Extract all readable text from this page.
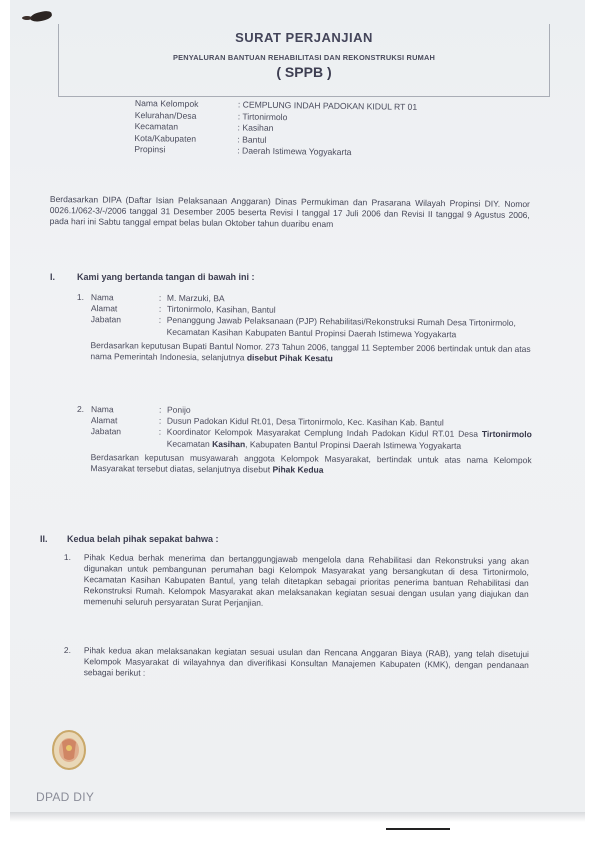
SURAT PERJANJIAN
PENYALURAN BANTUAN REHABILITASI DAN REKONSTRUKSI RUMAH
( SPPB )
Nama Kelompok	: CEMPLUNG INDAH PADOKAN KIDUL RT 01
Kelurahan/Desa	: Tirtonirmolo
Kecamatan	: Kasihan
Kota/Kabupaten	: Bantul
Propinsi	: Daerah Istimewa Yogyakarta
Berdasarkan DIPA (Daftar Isian Pelaksanaan Anggaran) Dinas Permukiman dan Prasarana Wilayah Propinsi DIY. Nomor 0026.1/062-3/-/2006 tanggal 31 Desember 2005 beserta Revisi I tanggal 17 Juli 2006 dan Revisi II tanggal 9 Agustus 2006, pada hari ini Sabtu tanggal empat belas bulan Oktober tahun duaribu enam
I. Kami yang bertanda tangan di bawah ini :
1. Nama	: M. Marzuki, BA
Alamat	: Tirtonirmolo, Kasihan, Bantul
Jabatan	: Penanggung Jawab Pelaksanaan (PJP) Rehabilitasi/Rekonstruksi Rumah Desa Tirtonirmolo, Kecamatan Kasihan Kabupaten Bantul Propinsi Daerah Istimewa Yogyakarta
Berdasarkan keputusan Bupati Bantul Nomor. 273 Tahun 2006, tanggal 11 September 2006 bertindak untuk dan atas nama Pemerintah Indonesia, selanjutnya disebut Pihak Kesatu
2. Nama	: Ponijo
Alamat	: Dusun Padokan Kidul Rt.01, Desa Tirtonirmolo, Kec. Kasihan Kab. Bantul
Jabatan	: Koordinator Kelompok Masyarakat Cemplung Indah Padokan Kidul RT.01 Desa Tirtonirmolo Kecamatan Kasihan, Kabupaten Bantul Propinsi Daerah Istimewa Yogyakarta
Berdasarkan keputusan musyawarah anggota Kelompok Masyarakat, bertindak untuk atas nama Kelompok Masyarakat tersebut diatas, selanjutnya disebut Pihak Kedua
II. Kedua belah pihak sepakat bahwa :
1.	Pihak Kedua berhak menerima dan bertanggungjawab mengelola dana Rehabilitasi dan Rekonstruksi yang akan digunakan untuk pembangunan perumahan bagi Kelompok Masyarakat yang bersangkutan di desa Tirtonirmolo, Kecamatan Kasihan Kabupaten Bantul, yang telah ditetapkan sebagai prioritas penerima bantuan Rehabilitasi dan Rekonstruksi Rumah. Kelompok Masyarakat akan melaksanakan kegiatan sesuai dengan usulan yang diajukan dan memenuhi seluruh persyaratan Surat Perjanjian.
2.	Pihak kedua akan melaksanakan kegiatan sesuai usulan dan Rencana Anggaran Biaya (RAB), yang telah disetujui Kelompok Masyarakat di wilayahnya dan diverifikasi Konsultan Manajemen Kabupaten (KMK), dengan pendanaan sebagai berikut :
DPAD DIY
